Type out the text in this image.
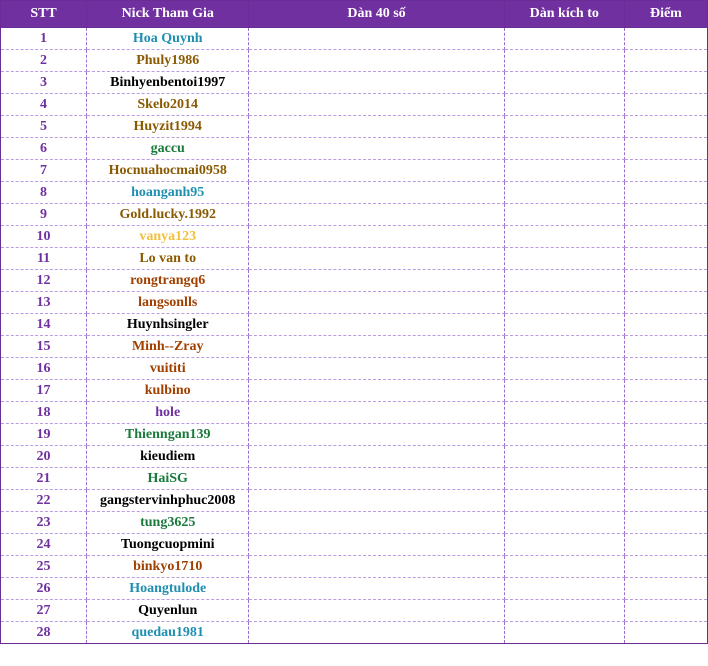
STT	Nick Tham Gia	Dàn 40 số	Dàn kích to	Điểm
1	Hoa Quynh			
2	Phuly1986			
3	Binhyenbentoi1997			
4	Skelo2014			
5	Huyzit1994			
6	gaccu			
7	Hocnuahocmai0958			
8	hoanganh95			
9	Gold.lucky.1992			
10	vanya123			
11	Lo van to			
12	rongtrangq6			
13	langsonlls			
14	Huynhsingler			
15	Minh--Zray			
16	vuititi			
17	kulbino			
18	hole			
19	Thienngan139			
20	kieudiem			
21	HaiSG			
22	gangstervinhphuc2008			
23	tung3625			
24	Tuongcuopmini			
25	binkyo1710			
26	Hoangtulode			
27	Quyenlun			
28	quedau1981			
